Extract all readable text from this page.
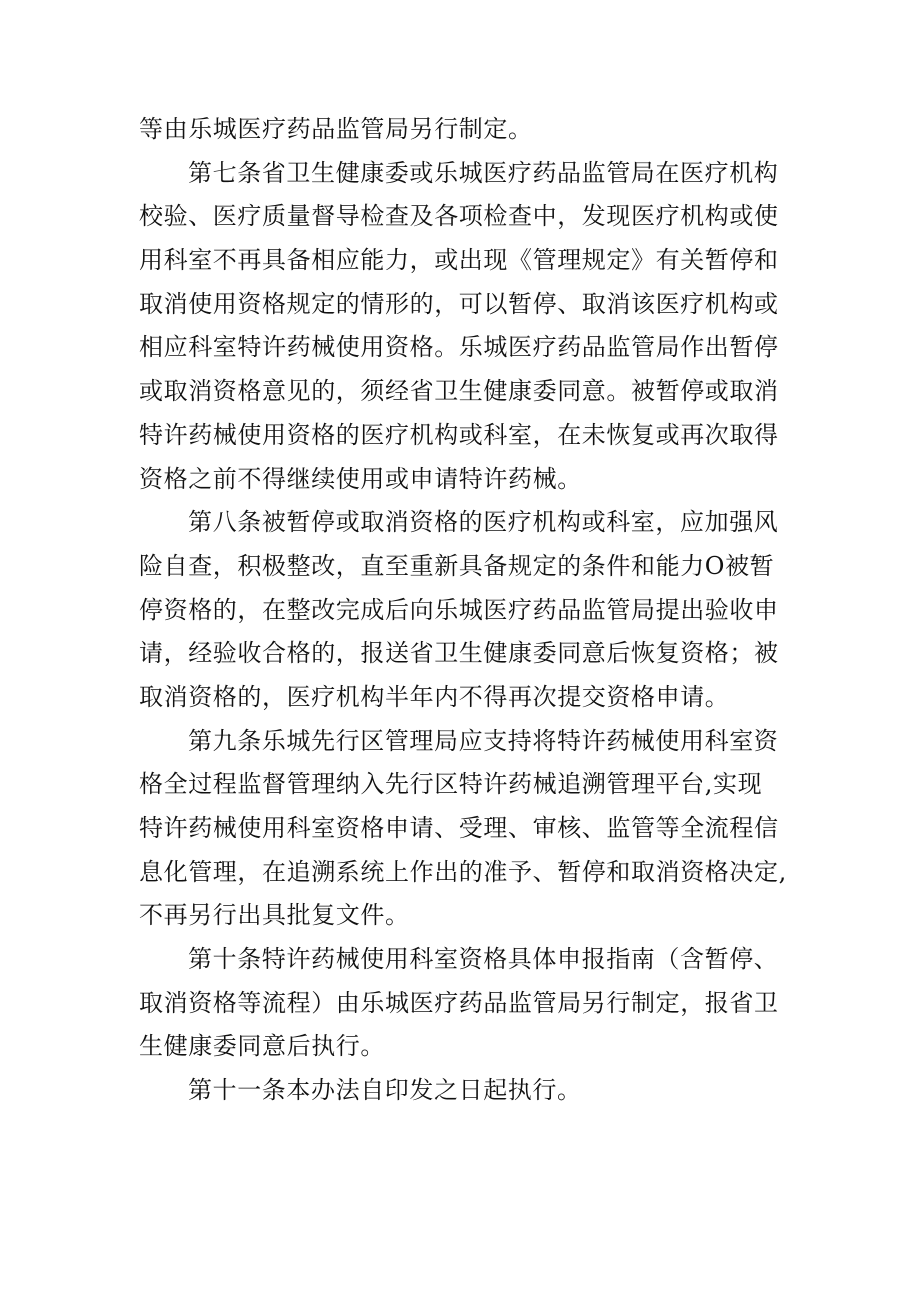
等由乐城医疗药品监管局另行制定。
第七条省卫生健康委或乐城医疗药品监管局在医疗机构
校验、医疗质量督导检查及各项检查中，发现医疗机构或使
用科室不再具备相应能力，或出现《管理规定》有关暂停和
取消使用资格规定的情形的，可以暂停、取消该医疗机构或
相应科室特许药械使用资格。乐城医疗药品监管局作出暂停
或取消资格意见的，须经省卫生健康委同意。被暂停或取消
特许药械使用资格的医疗机构或科室，在未恢复或再次取得
资格之前不得继续使用或申请特许药械。
第八条被暂停或取消资格的医疗机构或科室，应加强风
险自查，积极整改，直至重新具备规定的条件和能力O被暂
停资格的，在整改完成后向乐城医疗药品监管局提出验收申
请，经验收合格的，报送省卫生健康委同意后恢复资格；被
取消资格的，医疗机构半年内不得再次提交资格申请。
第九条乐城先行区管理局应支持将特许药械使用科室资
格全过程监督管理纳入先行区特许药械追溯管理平台,实现
特许药械使用科室资格申请、受理、审核、监管等全流程信
息化管理，在追溯系统上作出的准予、暂停和取消资格决定,
不再另行出具批复文件。
第十条特许药械使用科室资格具体申报指南（含暂停、
取消资格等流程）由乐城医疗药品监管局另行制定，报省卫
生健康委同意后执行。
第十一条本办法自印发之日起执行。
